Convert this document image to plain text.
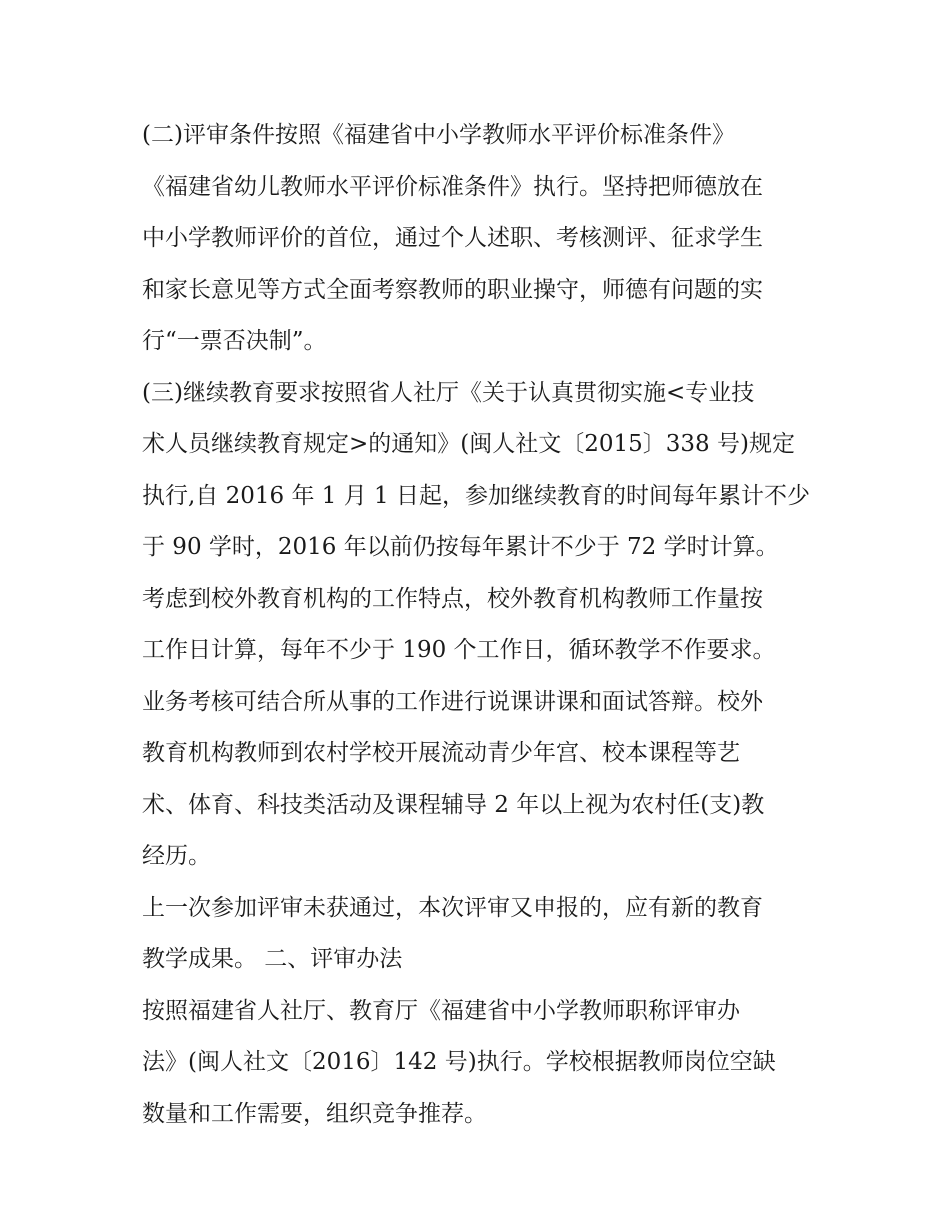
(二)评审条件按照《福建省中小学教师水平评价标准条件》
《福建省幼儿教师水平评价标准条件》执行。坚持把师德放在
中小学教师评价的首位，通过个人述职、考核测评、征求学生
和家长意见等方式全面考察教师的职业操守，师德有问题的实
行“一票否决制”。
(三)继续教育要求按照省人社厅《关于认真贯彻实施<专业技
术人员继续教育规定>的通知》(闽人社文〔2015〕338 号)规定
执行,自 2016 年 1 月 1 日起，参加继续教育的时间每年累计不少
于 90 学时，2016 年以前仍按每年累计不少于 72 学时计算。
考虑到校外教育机构的工作特点，校外教育机构教师工作量按
工作日计算，每年不少于 190 个工作日，循环教学不作要求。
业务考核可结合所从事的工作进行说课讲课和面试答辩。校外
教育机构教师到农村学校开展流动青少年宫、校本课程等艺
术、体育、科技类活动及课程辅导 2 年以上视为农村任(支)教
经历。
上一次参加评审未获通过，本次评审又申报的，应有新的教育
教学成果。 二、评审办法
按照福建省人社厅、教育厅《福建省中小学教师职称评审办
法》(闽人社文〔2016〕142 号)执行。学校根据教师岗位空缺
数量和工作需要，组织竞争推荐。
